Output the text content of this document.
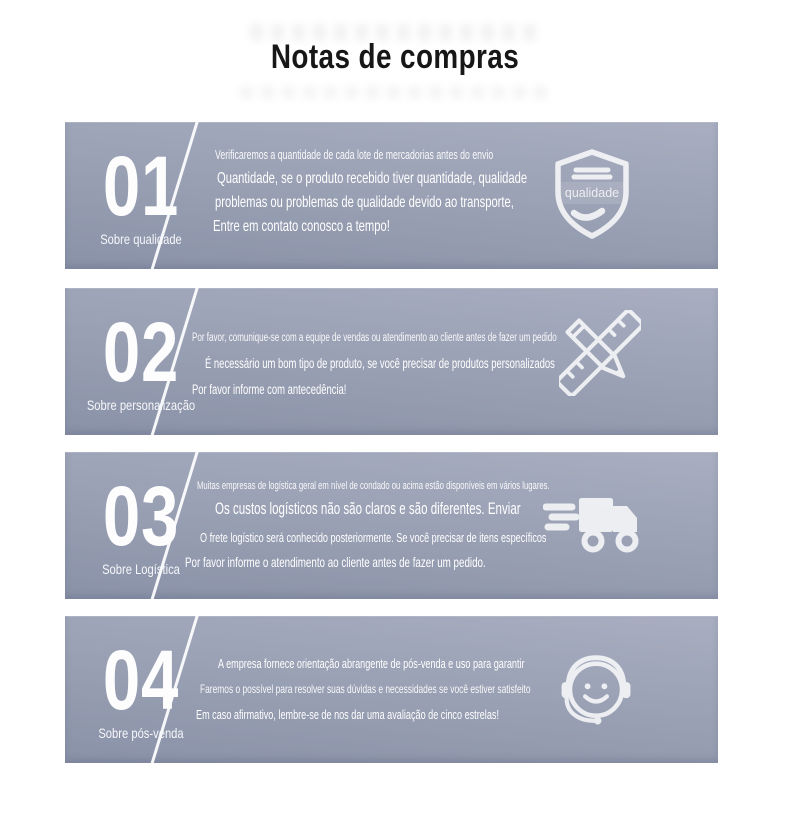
Notas de compras
01
Sobre qualidade
Verificaremos a quantidade de cada lote de mercadorias antes do envio
Quantidade, se o produto recebido tiver quantidade, qualidade
problemas ou problemas de qualidade devido ao transporte,
Entre em contato conosco a tempo!
qualidade
02
Sobre personalização
Por favor, comunique-se com a equipe de vendas ou atendimento ao cliente antes de fazer um pedido
É necessário um bom tipo de produto, se você precisar de produtos personalizados
Por favor informe com antecedência!
03
Sobre Logística
Muitas empresas de logística geral em nível de condado ou acima estão disponíveis em vários lugares.
Os custos logísticos não são claros e são diferentes. Enviar
O frete logístico será conhecido posteriormente. Se você precisar de itens específicos
Por favor informe o atendimento ao cliente antes de fazer um pedido.
04
Sobre pós-venda
A empresa fornece orientação abrangente de pós-venda e uso para garantir
Faremos o possível para resolver suas dúvidas e necessidades se você estiver satisfeito
Em caso afirmativo, lembre-se de nos dar uma avaliação de cinco estrelas!
